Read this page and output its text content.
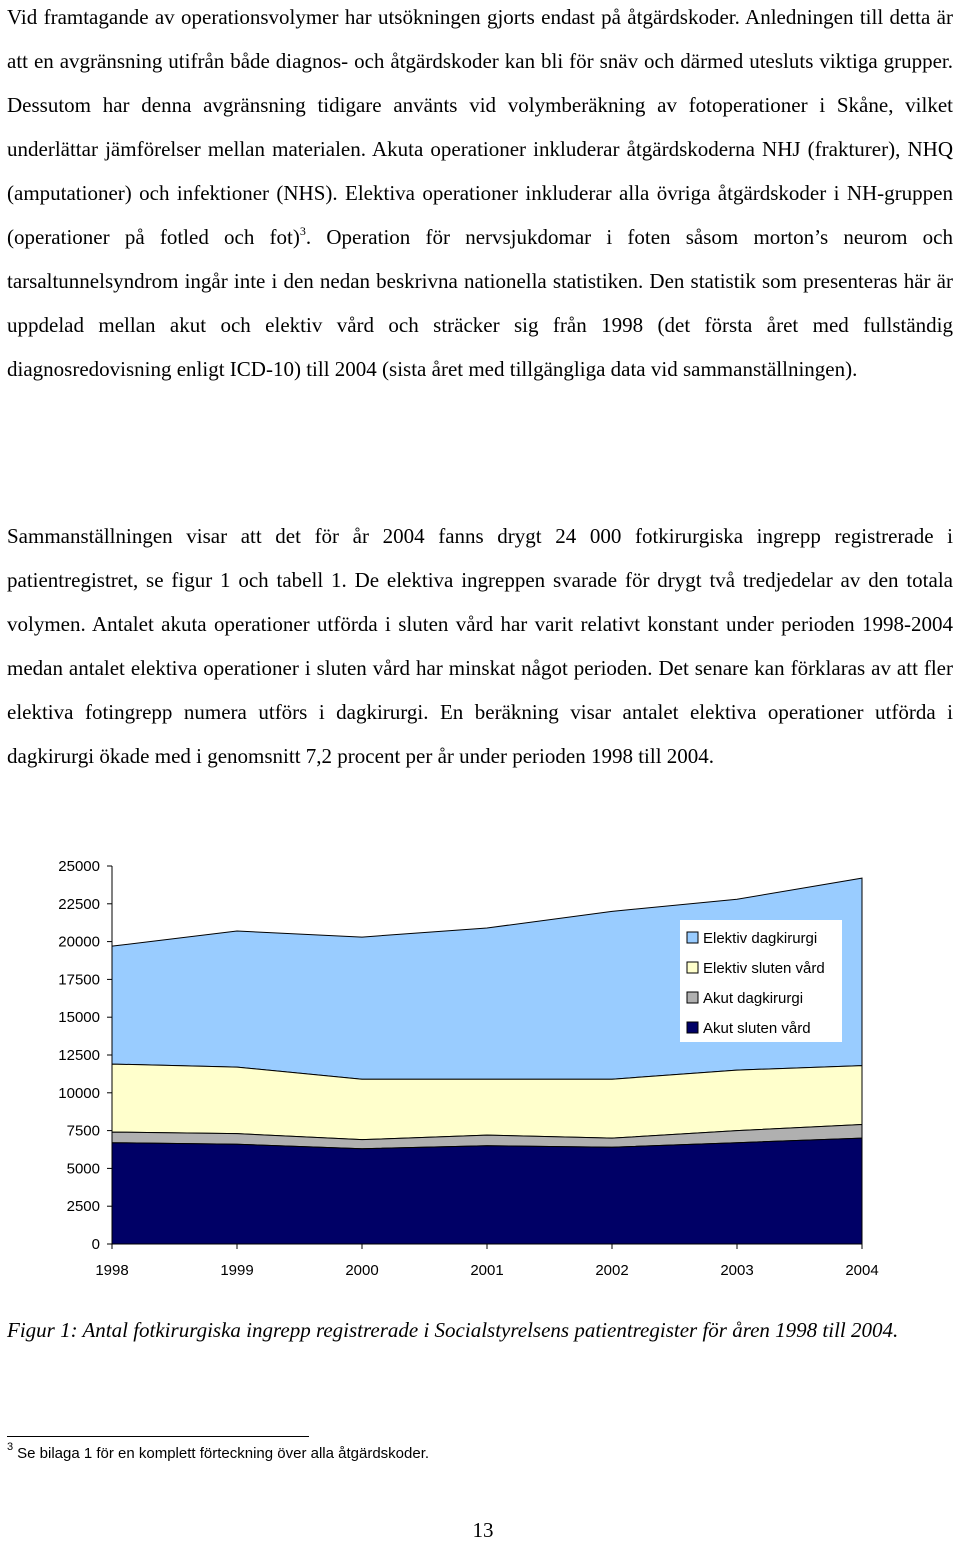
Vid framtagande av operationsvolymer har utsökningen gjorts endast på åtgärdskoder. Anledningen till detta är att en avgränsning utifrån både diagnos- och åtgärdskoder kan bli för snäv och därmed utesluts viktiga grupper. Dessutom har denna avgränsning tidigare använts vid volymberäkning av fotoperationer i Skåne, vilket underlättar jämförelser mellan materialen. Akuta operationer inkluderar åtgärdskoderna NHJ (frakturer), NHQ (amputationer) och infektioner (NHS). Elektiva operationer inkluderar alla övriga åtgärdskoder i NH-gruppen (operationer på fotled och fot)$^3$. Operation för nervsjukdomar i foten såsom morton’s neurom och tarsaltunnelsyndrom ingår inte i den nedan beskrivna nationella statistiken. Den statistik som presenteras här är uppdelad mellan akut och elektiv vård och sträcker sig från 1998 (det första året med fullständig diagnosredovisning enligt ICD-10) till 2004 (sista året med tillgängliga data vid sammanställningen).

Sammanställningen visar att det för år 2004 fanns drygt 24 000 fotkirurgiska ingrepp registrerade i patientregistret, se figur 1 och tabell 1. De elektiva ingreppen svarade för drygt två tredjedelar av den totala volymen. Antalet akuta operationer utförda i sluten vård har varit relativt konstant under perioden 1998-2004 medan antalet elektiva operationer i sluten vård har minskat något perioden. Det senare kan förklaras av att fler elektiva fotingrepp numera utförs i dagkirurgi. En beräkning visar antalet elektiva operationer utförda i dagkirurgi ökade med i genomsnitt 7,2 procent per år under perioden 1998 till 2004.

0
2500
5000
7500
10000
12500
15000
17500
20000
22500
25000
1998	1999	2000	2001	2002	2003	2004
Elektiv dagkirurgi
Elektiv sluten vård
Akut dagkirurgi
Akut sluten vård

Figur 1: Antal fotkirurgiska ingrepp registrerade i Socialstyrelsens patientregister för åren 1998 till 2004.

$^3$ Se bilaga 1 för en komplett förteckning över alla åtgärdskoder.

13
